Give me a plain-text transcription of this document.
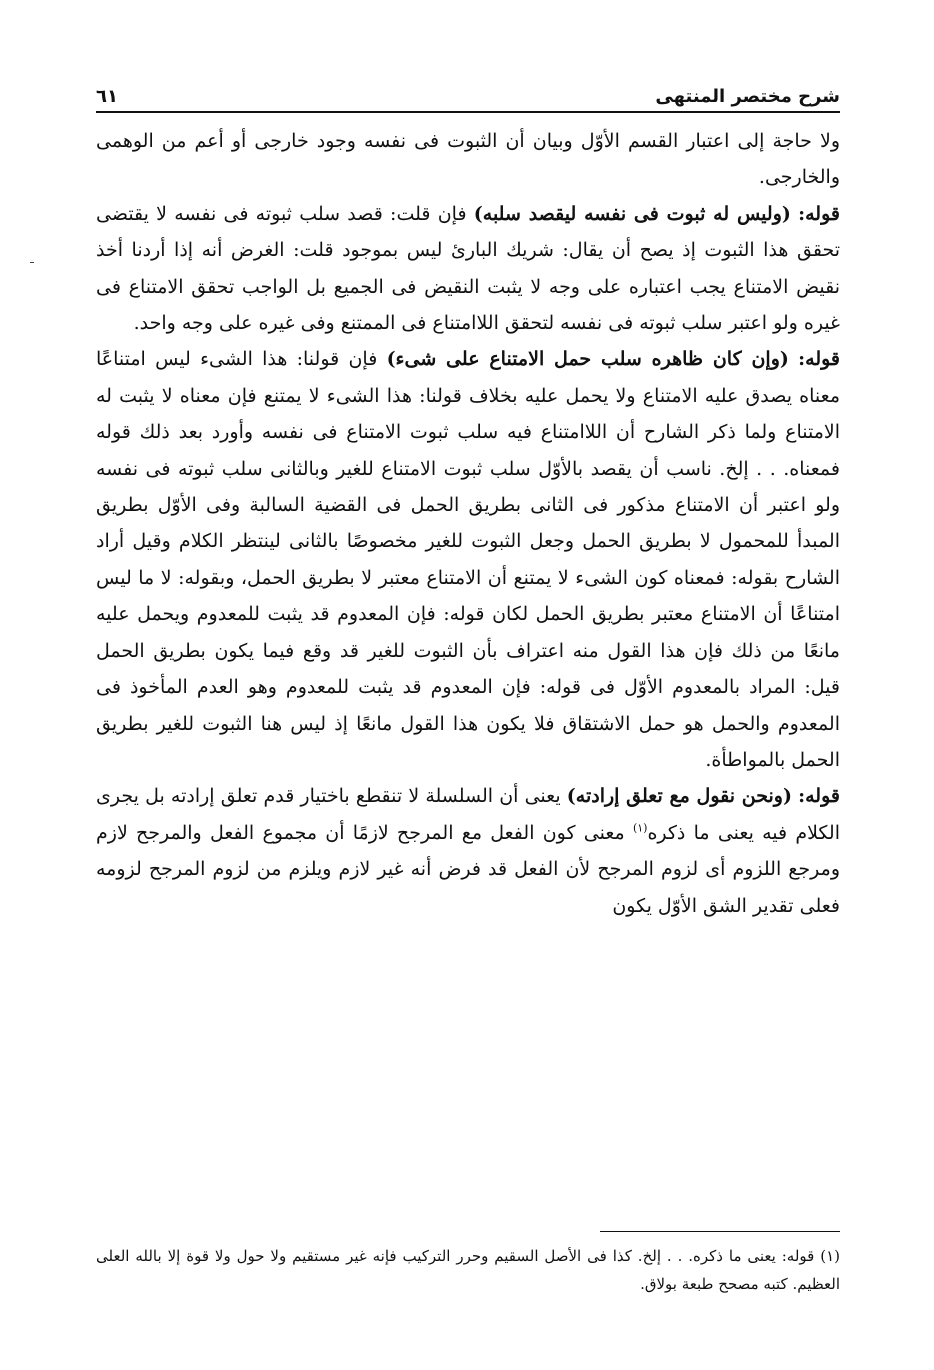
شرح مختصر المنتهى
٦١

ولا حاجة إلى اعتبار القسم الأوّل وبيان أن الثبوت فى نفسه وجود خارجى أو أعم من الوهمى والخارجى.

قوله: (وليس له ثبوت فى نفسه ليقصد سلبه) فإن قلت: قصد سلب ثبوته فى نفسه لا يقتضى تحقق هذا الثبوت إذ يصح أن يقال: شريك البارئ ليس بموجود قلت: الغرض أنه إذا أردنا أخذ نقيض الامتناع يجب اعتباره على وجه لا يثبت النقيض فى الجميع بل الواجب تحقق الامتناع فى غيره ولو اعتبر سلب ثبوته فى نفسه لتحقق اللاامتناع فى الممتنع وفى غيره على وجه واحد.

قوله: (وإن كان ظاهره سلب حمل الامتناع على شىء) فإن قولنا: هذا الشىء ليس امتناعًا معناه يصدق عليه الامتناع ولا يحمل عليه بخلاف قولنا: هذا الشىء لا يمتنع فإن معناه لا يثبت له الامتناع ولما ذكر الشارح أن اللاامتناع فيه سلب ثبوت الامتناع فى نفسه وأورد بعد ذلك قوله فمعناه. . . إلخ. ناسب أن يقصد بالأوّل سلب ثبوت الامتناع للغير وبالثانى سلب ثبوته فى نفسه ولو اعتبر أن الامتناع مذكور فى الثانى بطريق الحمل فى القضية السالبة وفى الأوّل بطريق المبدأ للمحمول لا بطريق الحمل وجعل الثبوت للغير مخصوصًا بالثانى لينتظر الكلام وقيل أراد الشارح بقوله: فمعناه كون الشىء لا يمتنع أن الامتناع معتبر لا بطريق الحمل، وبقوله: لا ما ليس امتناعًا أن الامتناع معتبر بطريق الحمل لكان قوله: فإن المعدوم قد يثبت للمعدوم ويحمل عليه مانعًا من ذلك فإن هذا القول منه اعتراف بأن الثبوت للغير قد وقع فيما يكون بطريق الحمل قيل: المراد بالمعدوم الأوّل فى قوله: فإن المعدوم قد يثبت للمعدوم وهو العدم المأخوذ فى المعدوم والحمل هو حمل الاشتقاق فلا يكون هذا القول مانعًا إذ ليس هنا الثبوت للغير بطريق الحمل بالمواطأة.

قوله: (ونحن نقول مع تعلق إرادته) يعنى أن السلسلة لا تنقطع باختيار قدم تعلق إرادته بل يجرى الكلام فيه يعنى ما ذكره$^{(١)}$ معنى كون الفعل مع المرجح لازمًا أن مجموع الفعل والمرجح لازم ومرجع اللزوم أى لزوم المرجح لأن الفعل قد فرض أنه غير لازم ويلزم من لزوم المرجح لزومه فعلى تقدير الشق الأوّل يكون

(١) قوله: يعنى ما ذكره. . . إلخ. كذا فى الأصل السقيم وحرر التركيب فإنه غير مستقيم ولا حول ولا قوة إلا بالله العلى العظيم. كتبه مصحح طبعة بولاق.
